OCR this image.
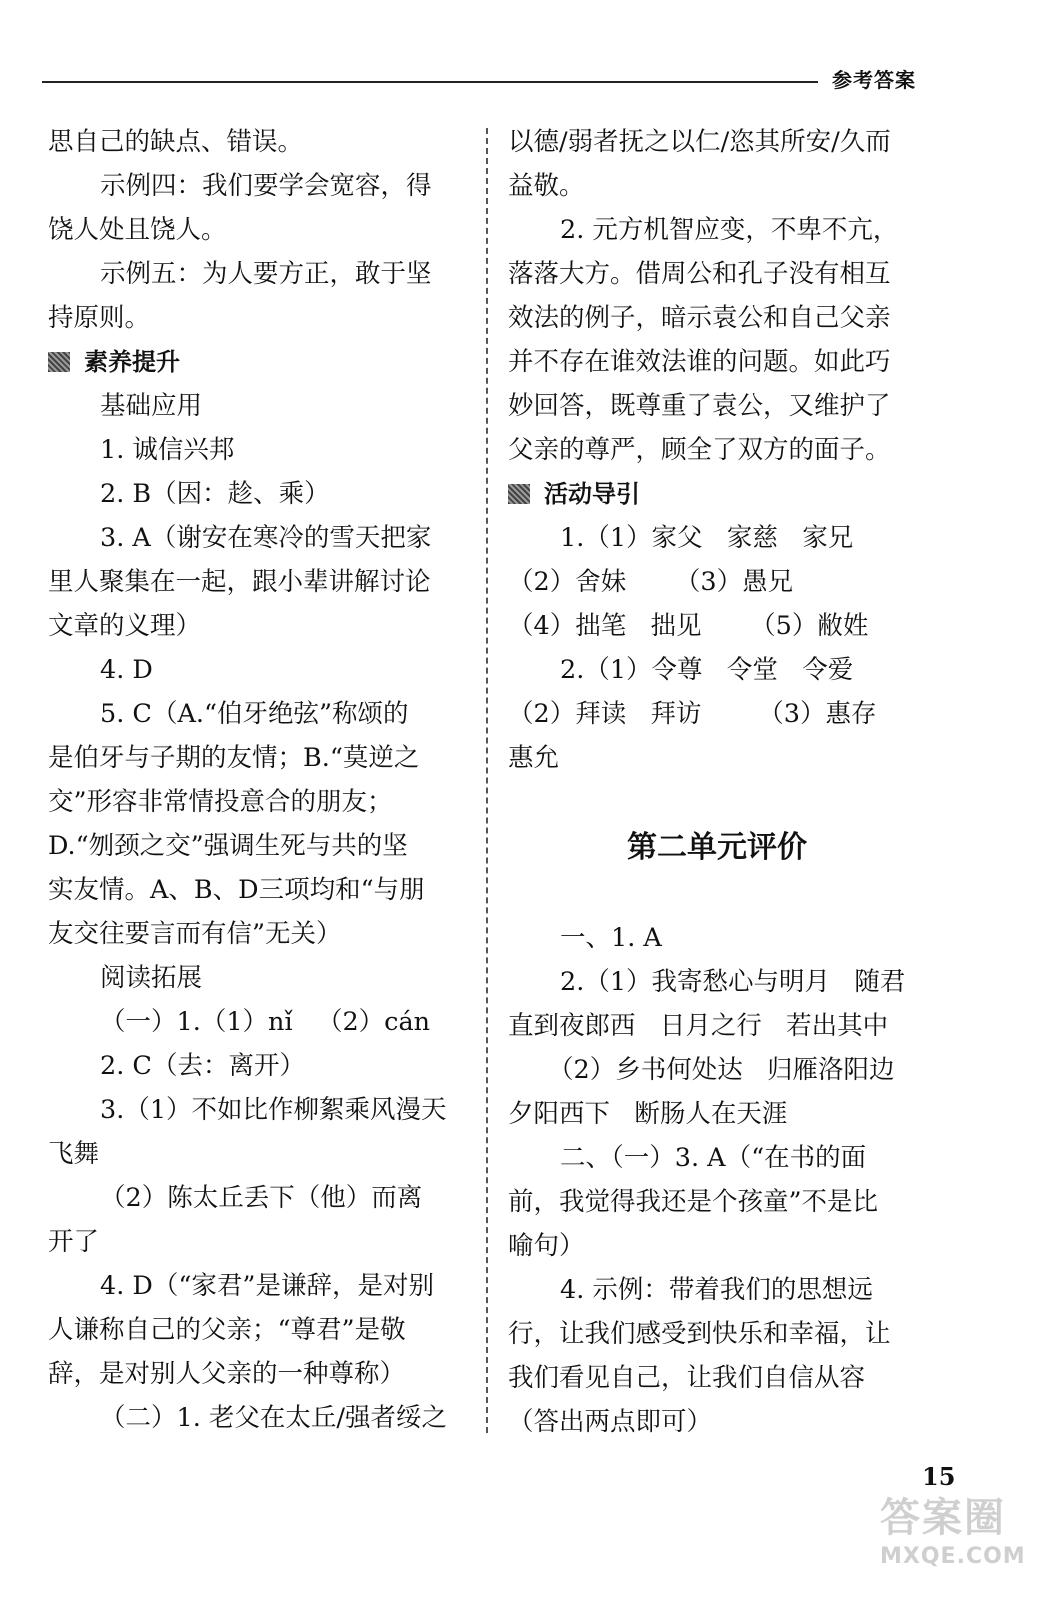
参考答案

思自己的缺点、错误。

示例四：我们要学会宽容，得

饶人处且饶人。

示例五：为人要方正，敢于坚

持原则。

素养提升

基础应用

1. 诚信兴邦

2. B（因：趁、乘）

3. A（谢安在寒冷的雪天把家

里人聚集在一起，跟小辈讲解讨论

文章的义理）

4. D

5. C（A.“伯牙绝弦”称颂的

是伯牙与子期的友情；B.“莫逆之

交”形容非常情投意合的朋友；

D.“刎颈之交”强调生死与共的坚

实友情。A、B、D三项均和“与朋

友交往要言而有信”无关）

阅读拓展

（一）1.（1）nǐ   （2）cán

2. C（去：离开）

3.（1）不如比作柳絮乘风漫天

飞舞

（2）陈太丘丢下（他）而离

开了

4. D（“家君”是谦辞，是对别

人谦称自己的父亲；“尊君”是敬

辞，是对别人父亲的一种尊称）

（二）1. 老父在太丘/强者绥之

以德/弱者抚之以仁/恣其所安/久而

益敬。

2. 元方机智应变，不卑不亢，

落落大方。借周公和孔子没有相互

效法的例子，暗示袁公和自己父亲

并不存在谁效法谁的问题。如此巧

妙回答，既尊重了袁公，又维护了

父亲的尊严，顾全了双方的面子。

活动导引

1.（1）家父   家慈   家兄

（2）舍妹      （3）愚兄

（4）拙笔   拙见      （5）敝姓

2.（1）令尊   令堂   令爱

（2）拜读   拜访       （3）惠存

惠允

第二单元评价

一、1. A

2.（1）我寄愁心与明月   随君

直到夜郎西   日月之行   若出其中

（2）乡书何处达   归雁洛阳边

夕阳西下   断肠人在天涯

二、（一）3. A（“在书的面

前，我觉得我还是个孩童”不是比

喻句）

4. 示例：带着我们的思想远

行，让我们感受到快乐和幸福，让

我们看见自己，让我们自信从容

（答出两点即可）

15
答案圈
MXQE.COM
